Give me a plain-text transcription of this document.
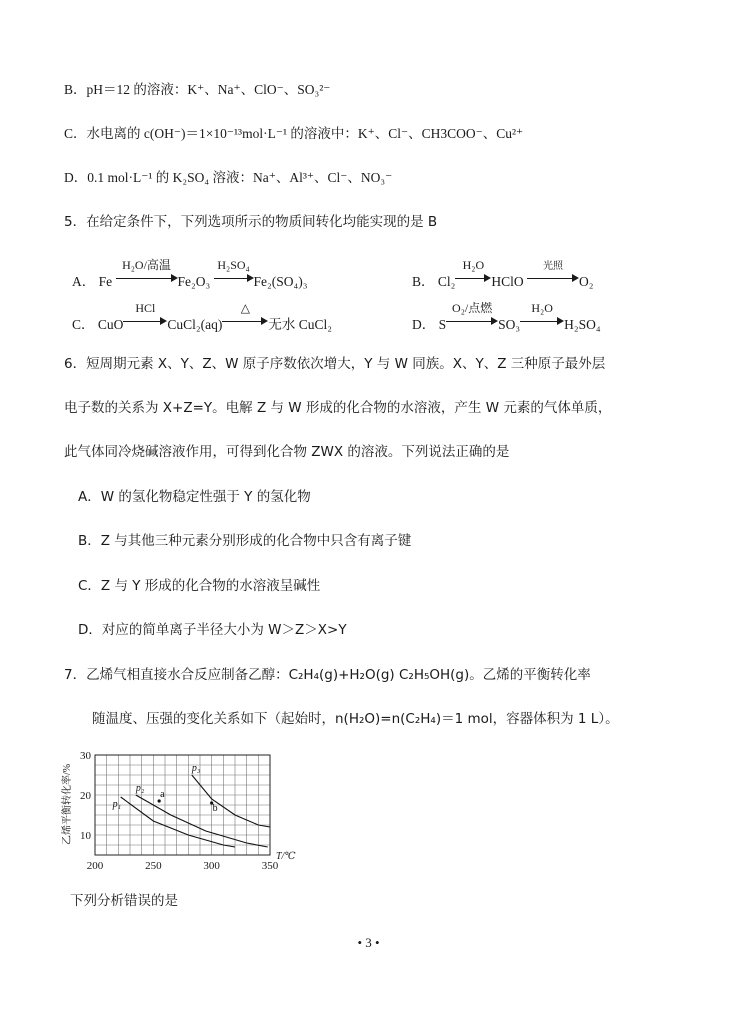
B．pH＝12 的溶液：K⁺、Na⁺、ClO⁻、SO₃²⁻
C．水电离的 c(OH⁻)＝1×10⁻¹³mol·L⁻¹ 的溶液中：K⁺、Cl⁻、CH3COO⁻、Cu²⁺
D．0.1 mol·L⁻¹ 的 K₂SO₄ 溶液：Na⁺、Al³⁺、Cl⁻、NO₃⁻
5．在给定条件下，下列选项所示的物质间转化均能实现的是 B
A． Fe
H₂O/高温
Fe₂O₃
H₂SO₄
Fe₂(SO₄)₃	B． Cl₂
H₂O
HClO
光照
O₂
C． CuO
HCl
CuCl₂(aq)
△
无水 CuCl₂	D． S
O₂/点燃
SO₃
H₂O
H₂SO₄
6．短周期元素 X、Y、Z、W 原子序数依次增大，Y 与 W 同族。X、Y、Z 三种原子最外层
电子数的关系为 X+Z=Y。电解 Z 与 W 形成的化合物的水溶液，产生 W 元素的气体单质，
此气体同冷烧碱溶液作用，可得到化合物 ZWX 的溶液。下列说法正确的是
A．W 的氢化物稳定性强于 Y 的氢化物
B．Z 与其他三种元素分别形成的化合物中只含有离子键
C．Z 与 Y 形成的化合物的水溶液呈碱性
D．对应的简单离子半径大小为 W＞Z＞X>Y
7．乙烯气相直接水合反应制备乙醇：C₂H₄(g)+H₂O(g) C₂H₅OH(g)。乙烯的平衡转化率
随温度、压强的变化关系如下（起始时，n(H₂O)=n(C₂H₄)＝1 mol，容器体积为 1 L）。
200	250	300	350
10
20
30
T/℃
乙烯平衡转化率/%	p₁
p₂
p₃
a
b
下列分析错误的是
• 3 •
